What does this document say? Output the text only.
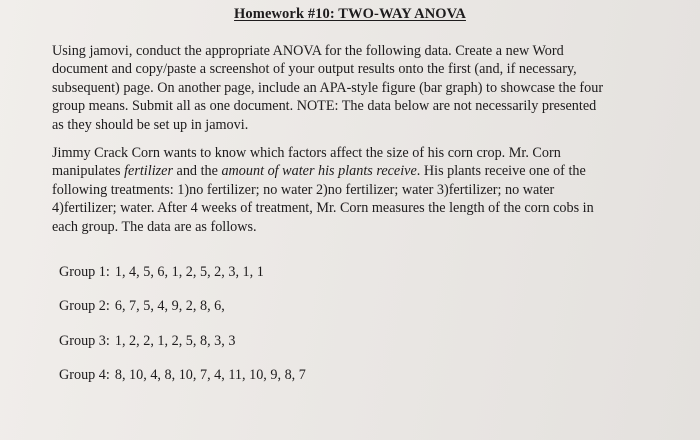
Homework #10: TWO-WAY ANOVA
Using jamovi, conduct the appropriate ANOVA for the following data. Create a new Word
document and copy/paste a screenshot of your output results onto the first (and, if necessary,
subsequent) page. On another page, include an APA-style figure (bar graph) to showcase the four
group means. Submit all as one document. NOTE: The data below are not necessarily presented
as they should be set up in jamovi.
Jimmy Crack Corn wants to know which factors affect the size of his corn crop. Mr. Corn
manipulates fertilizer and the amount of water his plants receive. His plants receive one of the
following treatments: 1)no fertilizer; no water 2)no fertilizer; water 3)fertilizer; no water
4)fertilizer; water. After 4 weeks of treatment, Mr. Corn measures the length of the corn cobs in
each group. The data are as follows.
Group 1: 1, 4, 5, 6, 1, 2, 5, 2, 3, 1, 1
Group 2: 6, 7, 5, 4, 9, 2, 8, 6,
Group 3: 1, 2, 2, 1, 2, 5, 8, 3, 3
Group 4: 8, 10, 4, 8, 10, 7, 4, 11, 10, 9, 8, 7
